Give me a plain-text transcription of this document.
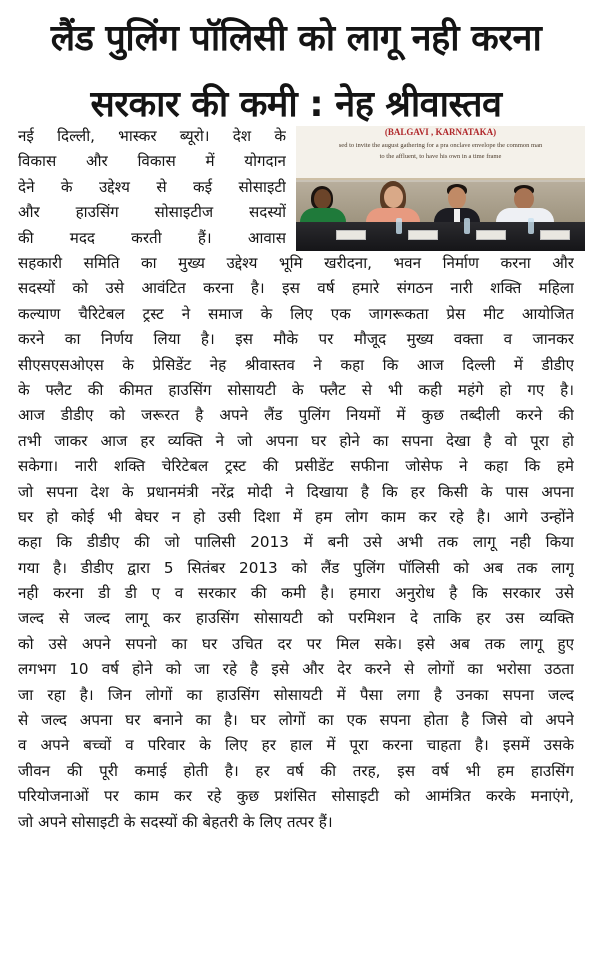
लैंड पुलिंग पॉलिसी को लागू नही करना
सरकार की कमी : नेह श्रीवास्तव
(BALGAVI , KARNATAKA)
sed to invite the august gathering for a pra onclave envelope the common man
to the affluent, to have his own in a time frame
नई दिल्ली, भास्कर ब्यूरो। देश के
विकास और विकास में योगदान
देने के उद्देश्य से कई सोसाइटी
और हाउसिंग सोसाइटीज सदस्यों
की मदद करती हैं। आवास
सहकारी समिति का मुख्य उद्देश्य भूमि खरीदना, भवन निर्माण करना और
सदस्यों को उसे आवंटित करना है। इस वर्ष हमारे संगठन नारी शक्ति महिला
कल्याण चैरिटेबल ट्रस्ट ने समाज के लिए एक जागरूकता प्रेस मीट आयोजित
करने का निर्णय लिया है। इस मौके पर मौजूद मुख्य वक्ता व जानकर
सीएसएसओएस के प्रेसिडेंट नेह श्रीवास्तव ने कहा कि आज दिल्ली में डीडीए
के फ्लैट की कीमत हाउसिंग सोसायटी के फ्लैट से भी कही महंगे हो गए है।
आज डीडीए को जरूरत है अपने लैंड पुलिंग नियमों में कुछ तब्दीली करने की
तभी जाकर आज हर व्यक्ति ने जो अपना घर होने का सपना देखा है वो पूरा हो
सकेगा। नारी शक्ति चेरिटेबल ट्रस्ट की प्रसीडेंट सफीना जोसेफ ने कहा कि हमे
जो सपना देश के प्रधानमंत्री नरेंद्र मोदी ने दिखाया है कि हर किसी के पास अपना
घर हो कोई भी बेघर न हो उसी दिशा में हम लोग काम कर रहे है। आगे उन्होंने
कहा कि डीडीए की जो पालिसी 2013 में बनी उसे अभी तक लागू नही किया
गया है। डीडीए द्वारा 5 सितंबर 2013 को लैंड पुलिंग पॉलिसी को अब तक लागू
नही करना डी डी ए व सरकार की कमी है। हमारा अनुरोध है कि सरकार उसे
जल्द से जल्द लागू कर हाउसिंग सोसायटी को परमिशन दे ताकि हर उस व्यक्ति
को उसे अपने सपनो का घर उचित दर पर मिल सके। इसे अब तक लागू हुए
लगभग 10 वर्ष होने को जा रहे है इसे और देर करने से लोगों का भरोसा उठता
जा रहा है। जिन लोगों का हाउसिंग सोसायटी में पैसा लगा है उनका सपना जल्द
से जल्द अपना घर बनाने का है। घर लोगों का एक सपना होता है जिसे वो अपने
व अपने बच्चों व परिवार के लिए हर हाल में पूरा करना चाहता है। इसमें उसके
जीवन की पूरी कमाई होती है। हर वर्ष की तरह, इस वर्ष भी हम हाउसिंग
परियोजनाओं पर काम कर रहे कुछ प्रशंसित सोसाइटी को आमंत्रित करके मनाएंगे,
जो अपने सोसाइटी के सदस्यों की बेहतरी के लिए तत्पर हैं।
